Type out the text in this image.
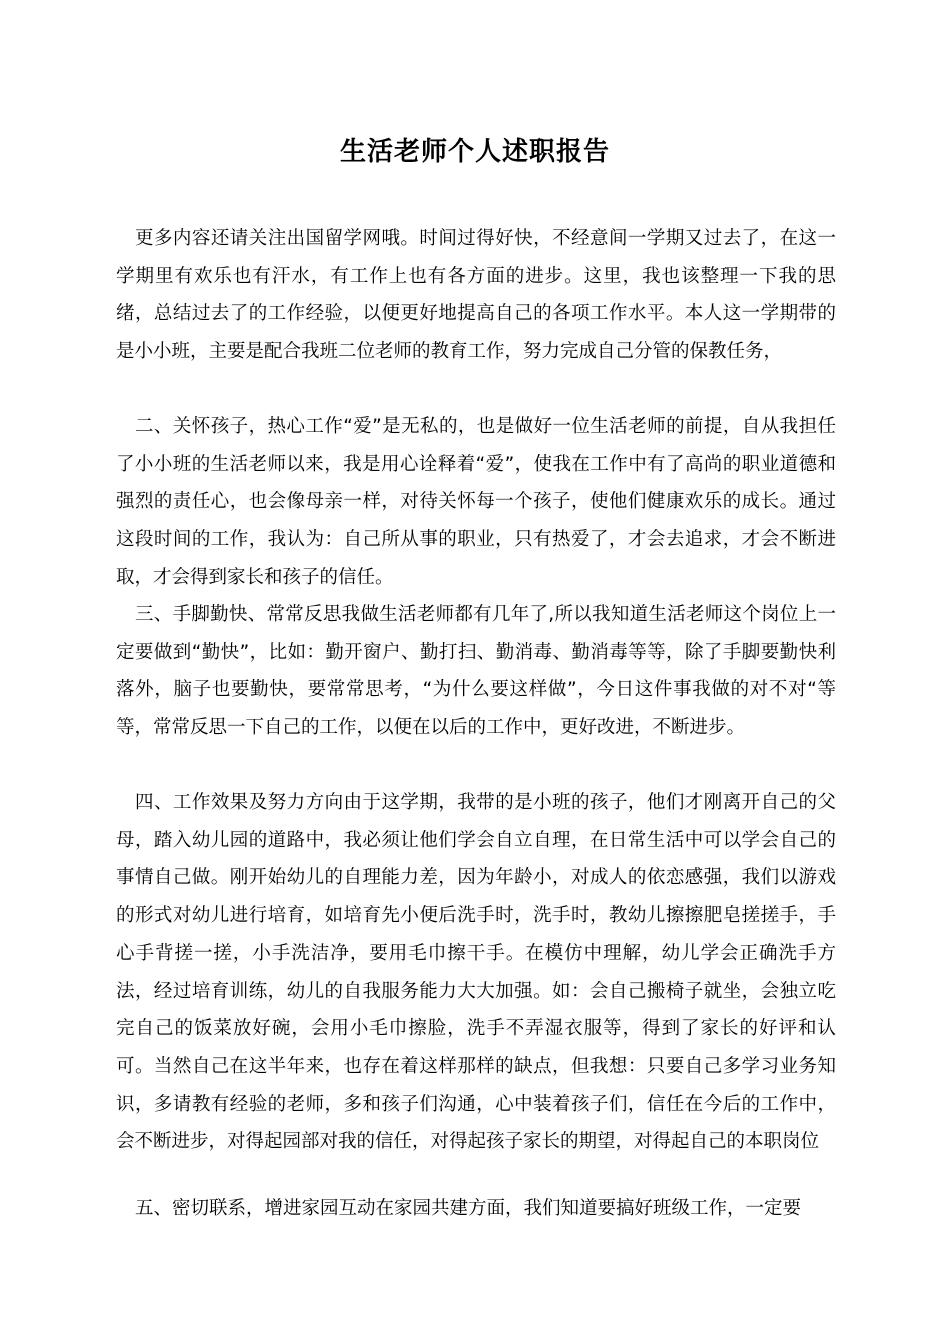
生活老师个人述职报告

更多内容还请关注出国留学网哦。时间过得好快，不经意间一学期又过去了，在这一学期里有欢乐也有汗水，有工作上也有各方面的进步。这里，我也该整理一下我的思绪，总结过去了的工作经验，以便更好地提高自己的各项工作水平。本人这一学期带的是小小班，主要是配合我班二位老师的教育工作，努力完成自己分管的保教任务，

二、关怀孩子，热心工作“爱”是无私的，也是做好一位生活老师的前提，自从我担任了小小班的生活老师以来，我是用心诠释着“爱”，使我在工作中有了高尚的职业道德和强烈的责任心，也会像母亲一样，对待关怀每一个孩子，使他们健康欢乐的成长。通过这段时间的工作，我认为：自己所从事的职业，只有热爱了，才会去追求，才会不断进取，才会得到家长和孩子的信任。

三、手脚勤快、常常反思我做生活老师都有几年了,所以我知道生活老师这个岗位上一定要做到“勤快”，比如：勤开窗户、勤打扫、勤消毒、勤消毒等等，除了手脚要勤快利落外，脑子也要勤快，要常常思考，“为什么要这样做”，今日这件事我做的对不对“等等，常常反思一下自己的工作，以便在以后的工作中，更好改进，不断进步。

四、工作效果及努力方向由于这学期，我带的是小班的孩子，他们才刚离开自己的父母，踏入幼儿园的道路中，我必须让他们学会自立自理，在日常生活中可以学会自己的事情自己做。刚开始幼儿的自理能力差，因为年龄小，对成人的依恋感强，我们以游戏的形式对幼儿进行培育，如培育先小便后洗手时，洗手时，教幼儿擦擦肥皂搓搓手，手心手背搓一搓，小手洗洁净，要用毛巾擦干手。在模仿中理解，幼儿学会正确洗手方法，经过培育训练，幼儿的自我服务能力大大加强。如：会自己搬椅子就坐，会独立吃完自己的饭菜放好碗，会用小毛巾擦脸，洗手不弄湿衣服等，得到了家长的好评和认可。当然自己在这半年来，也存在着这样那样的缺点，但我想：只要自己多学习业务知识，多请教有经验的老师，多和孩子们沟通，心中装着孩子们，信任在今后的工作中，会不断进步，对得起园部对我的信任，对得起孩子家长的期望，对得起自己的本职岗位

五、密切联系，增进家园互动在家园共建方面，我们知道要搞好班级工作，一定要
